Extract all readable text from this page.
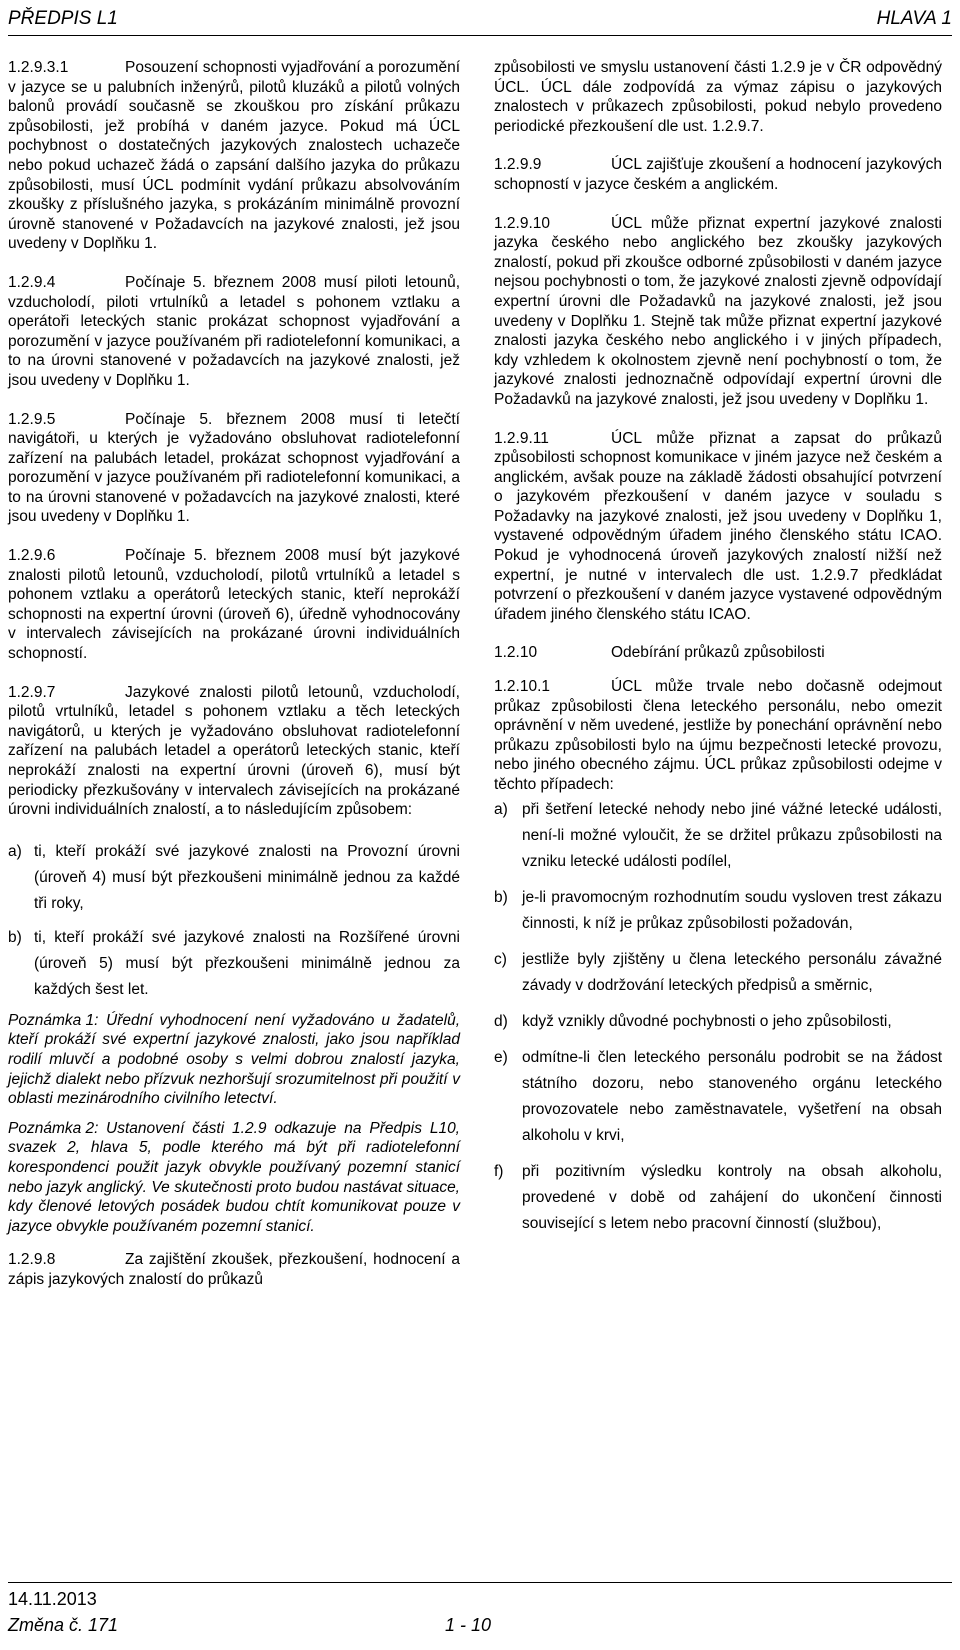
PŘEDPIS L1	HLAVA 1

1.2.9.3.1	Posouzení schopnosti vyjadřování a porozumění v jazyce se u palubních inženýrů, pilotů kluzáků a pilotů volných balonů provádí současně se zkouškou pro získání průkazu způsobilosti, jež probíhá v daném jazyce. Pokud má ÚCL pochybnost o dostatečných jazykových znalostech uchazeče nebo pokud uchazeč žádá o zapsání dalšího jazyka do průkazu způsobilosti, musí ÚCL podmínit vydání průkazu absolvováním zkoušky z příslušného jazyka, s prokázáním minimálně provozní úrovně stanovené v Požadavcích na jazykové znalosti, jež jsou uvedeny v Doplňku 1.

1.2.9.4	Počínaje 5. březnem 2008 musí piloti letounů, vzducholodí, piloti vrtulníků a letadel s pohonem vztlaku a operátoři leteckých stanic prokázat schopnost vyjadřování a porozumění v jazyce používaném při radiotelefonní komunikaci, a to na úrovni stanovené v požadavcích na jazykové znalosti, jež jsou uvedeny v Doplňku 1.

1.2.9.5	Počínaje 5. březnem 2008 musí ti letečtí navigátoři, u kterých je vyžadováno obsluhovat radiotelefonní zařízení na palubách letadel, prokázat schopnost vyjadřování a porozumění v jazyce používaném při radiotelefonní komunikaci, a to na úrovni stanovené v požadavcích na jazykové znalosti, které jsou uvedeny v Doplňku 1.

1.2.9.6	Počínaje 5. březnem 2008 musí být jazykové znalosti pilotů letounů, vzducholodí, pilotů vrtulníků a letadel s pohonem vztlaku a operátorů leteckých stanic, kteří neprokáží schopnosti na expertní úrovni (úroveň 6), úředně vyhodnocovány v intervalech závisejících na prokázané úrovni individuálních schopností.

1.2.9.7	Jazykové znalosti pilotů letounů, vzducholodí, pilotů vrtulníků, letadel s pohonem vztlaku a těch leteckých navigátorů, u kterých je vyžadováno obsluhovat radiotelefonní zařízení na palubách letadel a operátorů leteckých stanic, kteří neprokáží znalosti na expertní úrovni (úroveň 6), musí být periodicky přezkušovány v intervalech závisejících na prokázané úrovni individuálních znalostí, a to následujícím způsobem:

a) ti, kteří prokáží své jazykové znalosti na Provozní úrovni (úroveň 4) musí být přezkoušeni minimálně jednou za každé tři roky,
b) ti, kteří prokáží své jazykové znalosti na Rozšířené úrovni (úroveň 5) musí být přezkoušeni minimálně jednou za každých šest let.

Poznámka 1: Úřední vyhodnocení není vyžadováno u žadatelů, kteří prokáží své expertní jazykové znalosti, jako jsou například rodilí mluvčí a podobné osoby s velmi dobrou znalostí jazyka, jejichž dialekt nebo přízvuk nezhoršují srozumitelnost při použití v oblasti mezinárodního civilního letectví.

Poznámka 2: Ustanovení části 1.2.9 odkazuje na Předpis L10, svazek 2, hlava 5, podle kterého má být při radiotelefonní korespondenci použit jazyk obvykle používaný pozemní stanicí nebo jazyk anglický. Ve skutečnosti proto budou nastávat situace, kdy členové letových posádek budou chtít komunikovat pouze v jazyce obvykle používaném pozemní stanicí.

1.2.9.8	Za zajištění zkoušek, přezkoušení, hodnocení a zápis jazykových znalostí do průkazů

způsobilosti ve smyslu ustanovení části 1.2.9 je v ČR odpovědný ÚCL. ÚCL dále zodpovídá za výmaz zápisu o jazykových znalostech v průkazech způsobilosti, pokud nebylo provedeno periodické přezkoušení dle ust. 1.2.9.7.

1.2.9.9	ÚCL zajišťuje zkoušení a hodnocení jazykových schopností v jazyce českém a anglickém.

1.2.9.10	ÚCL může přiznat expertní jazykové znalosti jazyka českého nebo anglického bez zkoušky jazykových znalostí, pokud při zkoušce odborné způsobilosti v daném jazyce nejsou pochybnosti o tom, že jazykové znalosti zjevně odpovídají expertní úrovni dle Požadavků na jazykové znalosti, jež jsou uvedeny v Doplňku 1. Stejně tak může přiznat expertní jazykové znalosti jazyka českého nebo anglického i v jiných případech, kdy vzhledem k okolnostem zjevně není pochybností o tom, že jazykové znalosti jednoznačně odpovídají expertní úrovni dle Požadavků na jazykové znalosti, jež jsou uvedeny v Doplňku 1.

1.2.9.11	ÚCL může přiznat a zapsat do průkazů způsobilosti schopnost komunikace v jiném jazyce než českém a anglickém, avšak pouze na základě žádosti obsahující potvrzení o jazykovém přezkoušení v daném jazyce v souladu s Požadavky na jazykové znalosti, jež jsou uvedeny v Doplňku 1, vystavené odpovědným úřadem jiného členského státu ICAO. Pokud je vyhodnocená úroveň jazykových znalostí nižší než expertní, je nutné v intervalech dle ust. 1.2.9.7 předkládat potvrzení o přezkoušení v daném jazyce vystavené odpovědným úřadem jiného členského státu ICAO.

1.2.10	Odebírání průkazů způsobilosti

1.2.10.1	ÚCL může trvale nebo dočasně odejmout průkaz způsobilosti člena leteckého personálu, nebo omezit oprávnění v něm uvedené, jestliže by ponechání oprávnění nebo průkazu způsobilosti bylo na újmu bezpečnosti letecké provozu, nebo jiného obecného zájmu. ÚCL průkaz způsobilosti odejme v těchto případech:

a) při šetření letecké nehody nebo jiné vážné letecké události, není-li možné vyloučit, že se držitel průkazu způsobilosti na vzniku letecké události podílel,
b) je-li pravomocným rozhodnutím soudu vysloven trest zákazu činnosti, k níž je průkaz způsobilosti požadován,
c) jestliže byly zjištěny u člena leteckého personálu závažné závady v dodržování leteckých předpisů a směrnic,
d) když vznikly důvodné pochybnosti o jeho způsobilosti,
e) odmítne-li člen leteckého personálu podrobit se na žádost státního dozoru, nebo stanoveného orgánu leteckého provozovatele nebo zaměstnavatele, vyšetření na obsah alkoholu v krvi,
f)	při pozitivním výsledku kontroly na obsah alkoholu, provedené v době od zahájení do ukončení činnosti související s letem nebo pracovní činností (službou),
14.11.2013
Změna č. 171	1 - 10
